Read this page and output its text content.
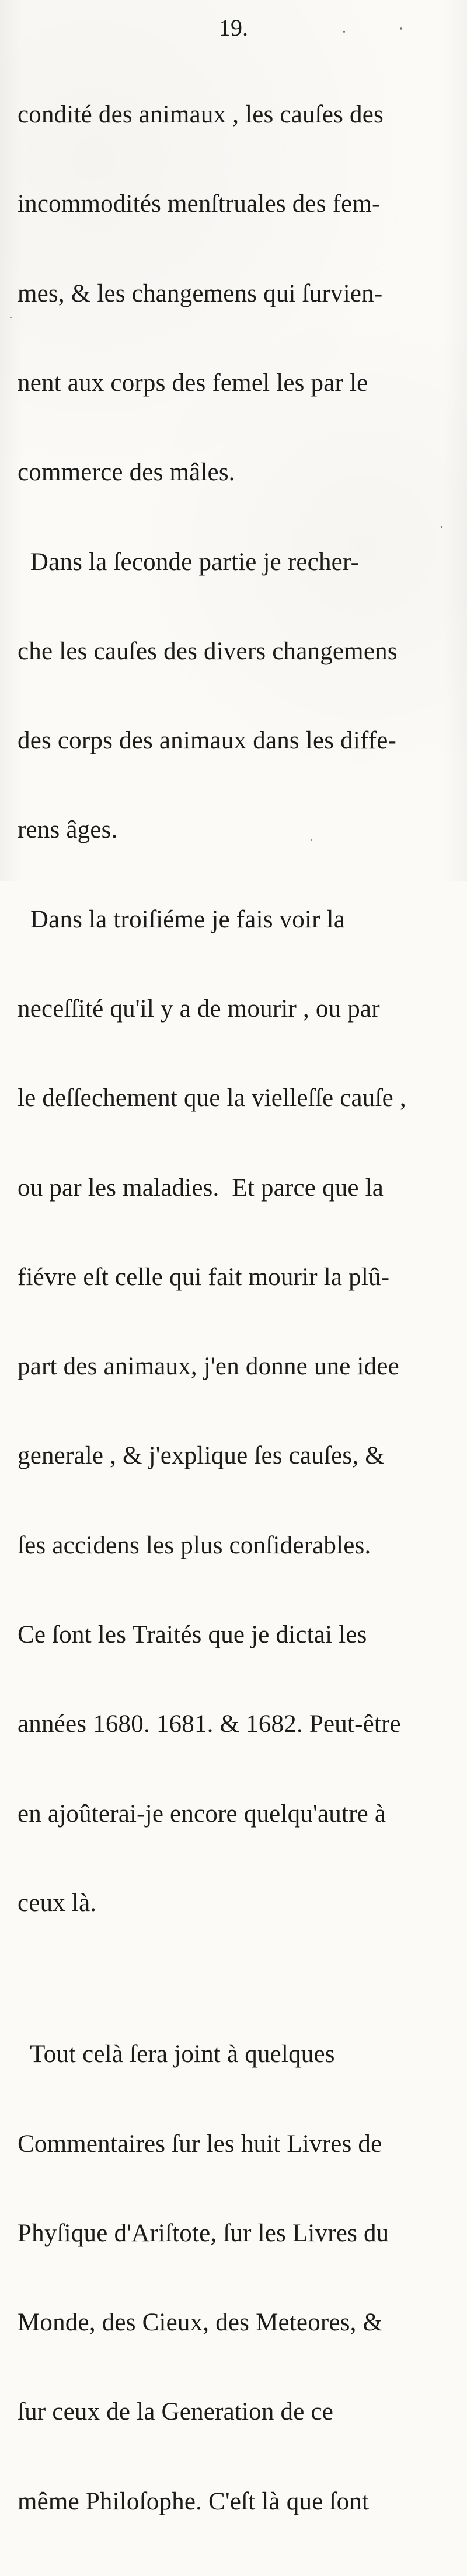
19.

condité des animaux , les cauſes des

incommodités menſtruales des fem-

mes, & les changemens qui ſurvien-

nent aux corps des femel les par le

commerce des mâles.

Dans la ſeconde partie je recher-

che les cauſes des divers changemens

des corps des animaux dans les diffe-

rens âges.

Dans la troiſiéme je fais voir la

neceſſité qu'il y a de mourir , ou par

le deſſechement que la vielleſſe cauſe ,

ou par les maladies.  Et parce que la

fiévre eſt celle qui fait mourir la plû-

part des animaux, j'en donne une idee

generale , & j'explique ſes cauſes, &

ſes accidens les plus conſiderables.

Ce ſont les Traités que je dictai les

années 1680. 1681. & 1682. Peut-être

en ajoûterai-je encore quelqu'autre à

ceux là.

Tout celà ſera joint à quelques

Commentaires ſur les huit Livres de

Phyſique d'Ariſtote, ſur les Livres du

Monde, des Cieux, des Meteores, &

ſur ceux de la Generation de ce

même Philoſophe. C'eſt là que ſont
